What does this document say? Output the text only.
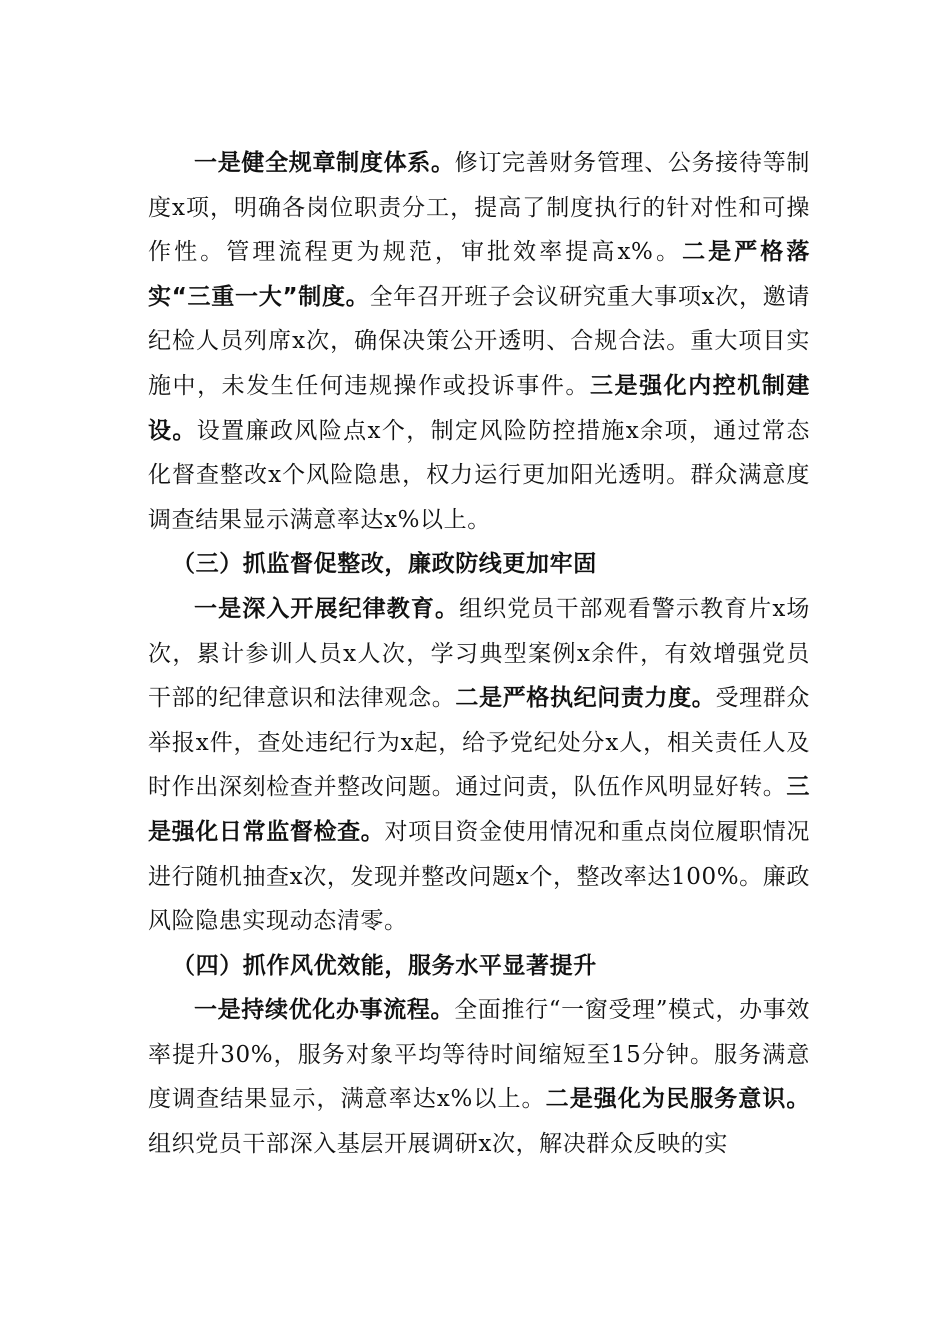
一是健全规章制度体系。修订完善财务管理、公务接待等制度x项，明确各岗位职责分工，提高了制度执行的针对性和可操作性。管理流程更为规范，审批效率提高x%。二是严格落实“三重一大”制度。全年召开班子会议研究重大事项x次，邀请纪检人员列席x次，确保决策公开透明、合规合法。重大项目实施中，未发生任何违规操作或投诉事件。三是强化内控机制建设。设置廉政风险点x个，制定风险防控措施x余项，通过常态化督查整改x个风险隐患，权力运行更加阳光透明。群众满意度调查结果显示满意率达x%以上。

（三）抓监督促整改，廉政防线更加牢固

一是深入开展纪律教育。组织党员干部观看警示教育片x场次，累计参训人员x人次，学习典型案例x余件，有效增强党员干部的纪律意识和法律观念。二是严格执纪问责力度。受理群众举报x件，查处违纪行为x起，给予党纪处分x人，相关责任人及时作出深刻检查并整改问题。通过问责，队伍作风明显好转。三是强化日常监督检查。对项目资金使用情况和重点岗位履职情况进行随机抽查x次，发现并整改问题x个，整改率达100%。廉政风险隐患实现动态清零。

（四）抓作风优效能，服务水平显著提升

一是持续优化办事流程。全面推行“一窗受理”模式，办事效率提升30%，服务对象平均等待时间缩短至15分钟。服务满意度调查结果显示，满意率达x%以上。二是强化为民服务意识。组织党员干部深入基层开展调研x次，解决群众反映的实
